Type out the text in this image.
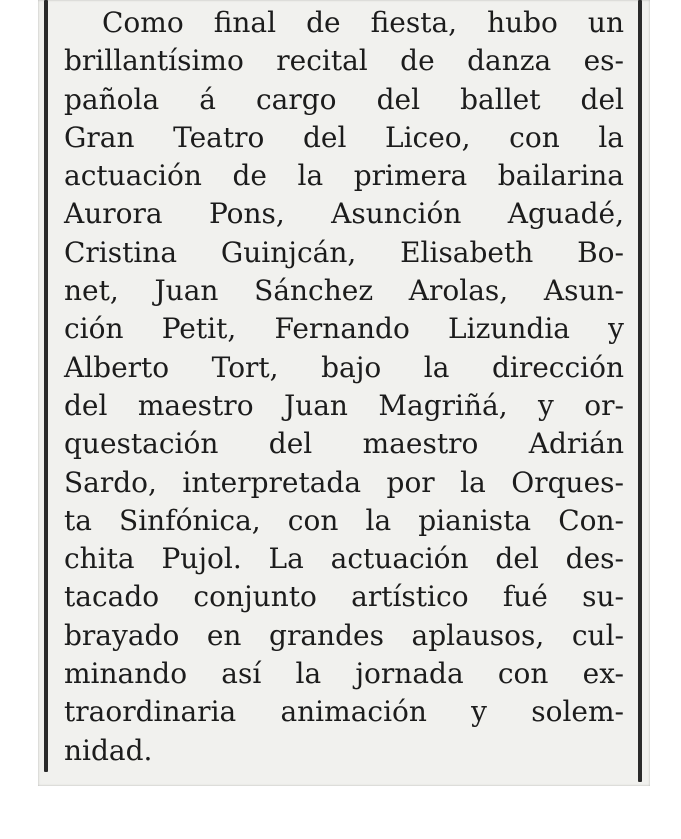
Como final de fiesta, hubo un
brillantísimo recital de danza es-
pañola á cargo del ballet del
Gran Teatro del Liceo, con la
actuación de la primera bailarina
Aurora Pons, Asunción Aguadé,
Cristina Guinjcán, Elisabeth Bo-
net, Juan Sánchez Arolas, Asun-
ción Petit, Fernando Lizundia y
Alberto Tort, bajo la dirección
del maestro Juan Magriñá, y or-
questación del maestro Adrián
Sardo, interpretada por la Orques-
ta Sinfónica, con la pianista Con-
chita Pujol. La actuación del des-
tacado conjunto artístico fué su-
brayado en grandes aplausos, cul-
minando así la jornada con ex-
traordinaria animación y solem-
nidad.
